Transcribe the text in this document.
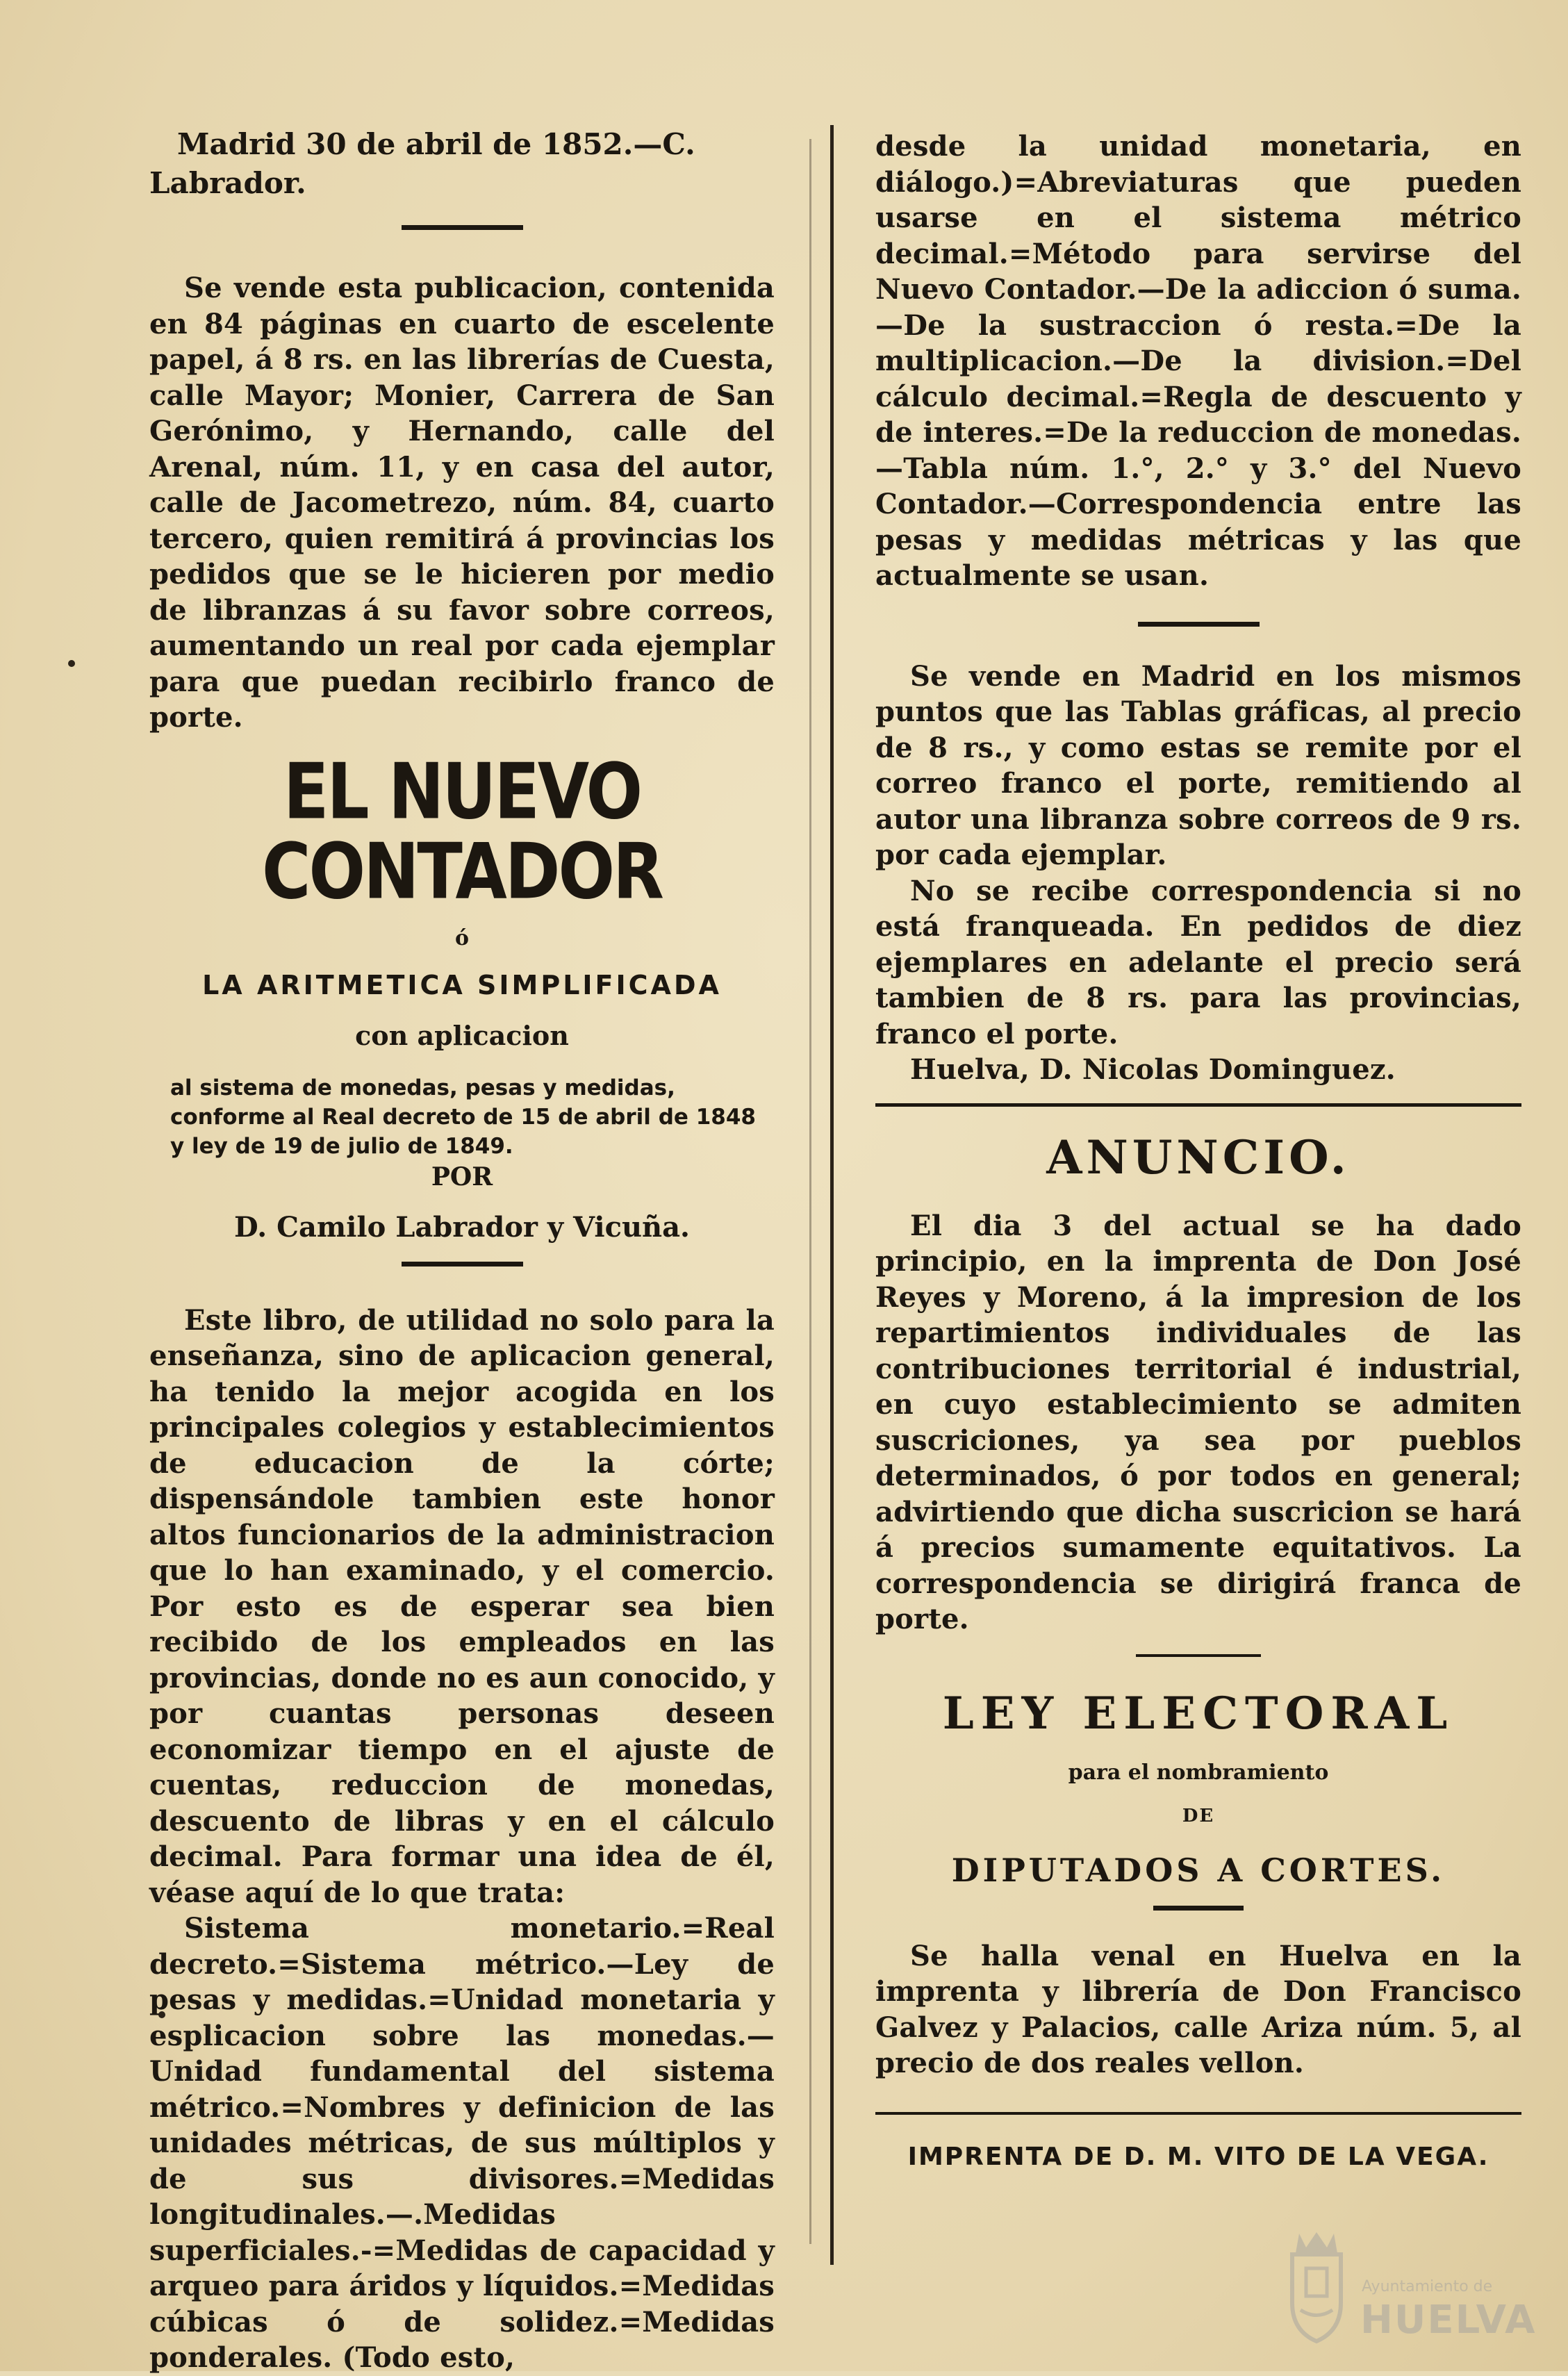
Madrid 30 de abril de 1852.—C. Labrador.

Se vende esta publicacion, contenida en 84 páginas en cuarto de escelente papel, á 8 rs. en las librerías de Cuesta, calle Mayor; Monier, Carrera de San Gerónimo, y Hernando, calle del Arenal, núm. 11, y en casa del autor, calle de Jacometrezo, núm. 84, cuarto tercero, quien remitirá á provincias los pedidos que se le hicieren por medio de libranzas á su favor sobre correos, aumentando un real por cada ejemplar para que puedan recibirlo franco de porte.

EL NUEVO CONTADOR
ó
LA ARITMETICA SIMPLIFICADA
con aplicacion

al sistema de monedas, pesas y medidas, conforme al Real decreto de 15 de abril de 1848 y ley de 19 de julio de 1849.

POR
D. Camilo Labrador y Vicuña.

Este libro, de utilidad no solo para la enseñanza, sino de aplicacion general, ha tenido la mejor acogida en los principales colegios y establecimientos de educacion de la córte; dispensándole tambien este honor altos funcionarios de la administracion que lo han examinado, y el comercio. Por esto es de esperar sea bien recibido de los empleados en las provincias, donde no es aun conocido, y por cuantas personas deseen economizar tiempo en el ajuste de cuentas, reduccion de monedas, descuento de libras y en el cálculo decimal. Para formar una idea de él, véase aquí de lo que trata:

Sistema monetario.=Real decreto.=Sistema métrico.—Ley de pesas y medidas.=Unidad monetaria y esplicacion sobre las monedas.—Unidad fundamental del sistema métrico.=Nombres y definicion de las unidades métricas, de sus múltiplos y de sus divisores.=Medidas longitudinales.—.Medidas superficiales.-=Medidas de capacidad y arqueo para áridos y líquidos.=Medidas cúbicas ó de solidez.=Medidas ponderales. (Todo esto,

desde la unidad monetaria, en diálogo.)=Abreviaturas que pueden usarse en el sistema métrico decimal.=Método para servirse del Nuevo Contador.—De la adiccion ó suma.—De la sustraccion ó resta.=De la multiplicacion.—De la division.=Del cálculo decimal.=Regla de descuento y de interes.=De la reduccion de monedas.—Tabla núm. 1.°, 2.° y 3.° del Nuevo Contador.—Correspondencia entre las pesas y medidas métricas y las que actualmente se usan.

Se vende en Madrid en los mismos puntos que las Tablas gráficas, al precio de 8 rs., y como estas se remite por el correo franco el porte, remitiendo al autor una libranza sobre correos de 9 rs. por cada ejemplar.

No se recibe correspondencia si no está franqueada. En pedidos de diez ejemplares en adelante el precio será tambien de 8 rs. para las provincias, franco el porte.

Huelva, D. Nicolas Dominguez.

ANUNCIO.

El dia 3 del actual se ha dado principio, en la imprenta de Don José Reyes y Moreno, á la impresion de los repartimientos individuales de las contribuciones territorial é industrial, en cuyo establecimiento se admiten suscriciones, ya sea por pueblos determinados, ó por todos en general; advirtiendo que dicha suscricion se hará á precios sumamente equitativos. La correspondencia se dirigirá franca de porte.

LEY ELECTORAL
para el nombramiento
DE
DIPUTADOS A CORTES.

Se halla venal en Huelva en la imprenta y librería de Don Francisco Galvez y Palacios, calle Ariza núm. 5, al precio de dos reales vellon.

IMPRENTA DE D. M. VITO DE LA VEGA.
Ayuntamiento de
HUELVA
